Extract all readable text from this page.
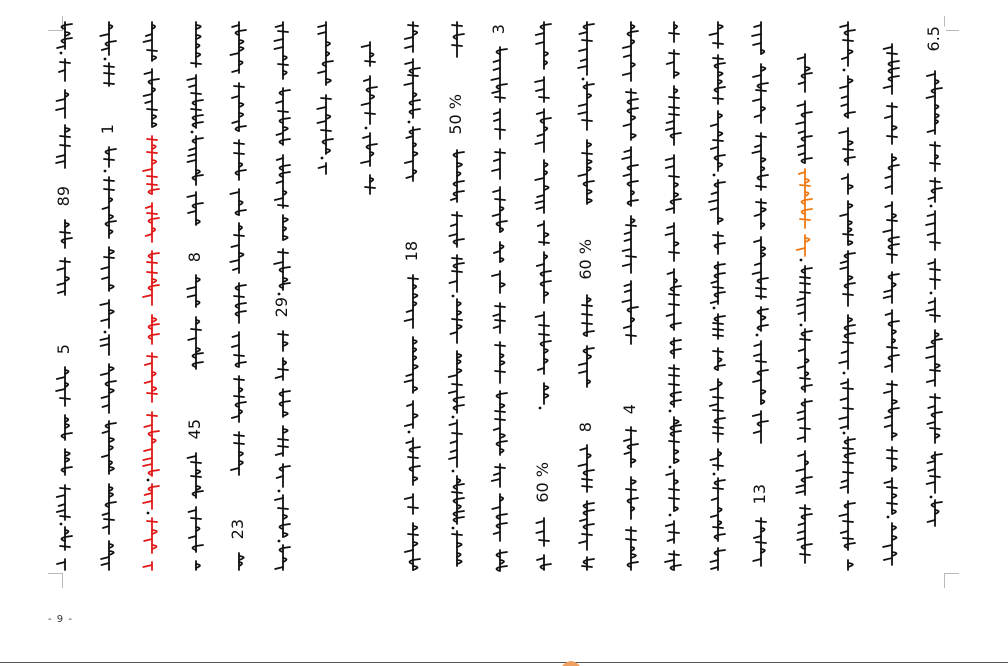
6.5
13
4
60 %
8
60 %
3
50 %
18
29
23
8
45
1
89
5
- 9 -
